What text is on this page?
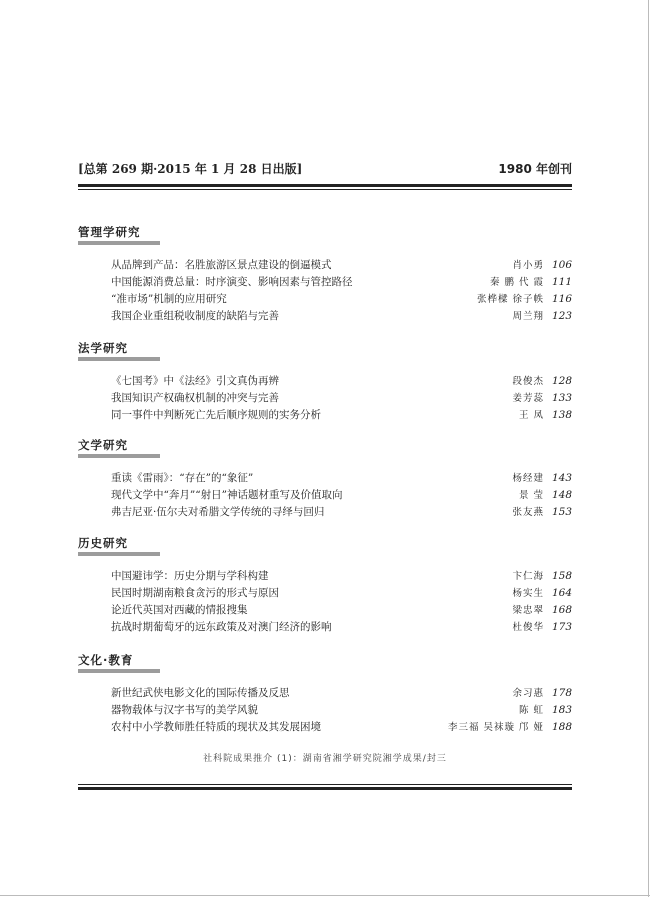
[总第 269 期·2015 年 1 月 28 日出版]	1980 年创刊
管理学研究
从品牌到产品：名胜旅游区景点建设的倒逼模式	肖小勇 106
中国能源消费总量：时序演变、影响因素与管控路径	秦 鹏 代 霞 111
“准市场”机制的应用研究	张桦樑 徐子帙 116
我国企业重组税收制度的缺陷与完善	周兰翔 123
法学研究
《七国考》中《法经》引文真伪再辨	段俊杰 128
我国知识产权确权机制的冲突与完善	姜芳蕊 133
同一事件中判断死亡先后顺序规则的实务分析	王 凤 138
文学研究
重读《雷雨》：“存在”的“象征”	杨经建 143
现代文学中“奔月”“射日”神话题材重写及价值取向	景 莹 148
弗吉尼亚·伍尔夫对希腊文学传统的寻绎与回归	张友燕 153
历史研究
中国避讳学：历史分期与学科构建	卞仁海 158
民国时期湖南粮食贪污的形式与原因	杨实生 164
论近代英国对西藏的情报搜集	梁忠翠 168
抗战时期葡萄牙的远东政策及对澳门经济的影响	杜俊华 173
文化·教育
新世纪武侠电影文化的国际传播及反思	余习惠 178
器物载体与汉字书写的美学风貌	陈 虹 183
农村中小学教师胜任特质的现状及其发展困境	李三福 吴袜璇 邝 娅 188
社科院成果推介 (1)：湖南省湘学研究院湘学成果/封三
